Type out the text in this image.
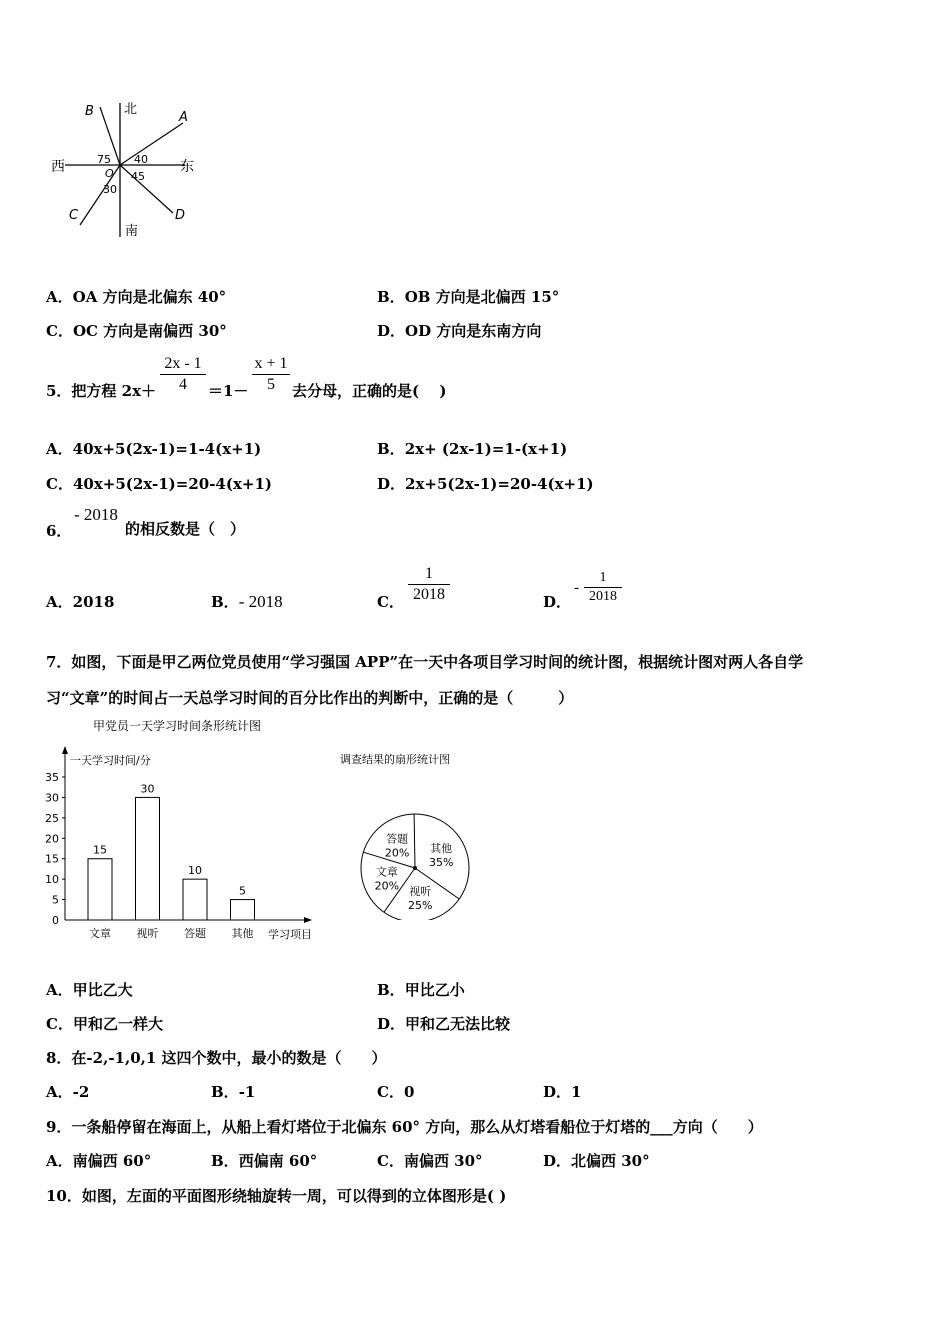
北
南
东
西
A
B
C	D
O
40
75
45
30
A．OA 方向是北偏东 40°	B．OB 方向是北偏西 15°
C．OC 方向是南偏西 30°	D．OD 方向是东南方向
5．把方程 2x＋
2x - 1
4	＝1－
x + 1
5	去分母，正确的是(　 )
A．40x+5(2x-1)=1-4(x+1)	B．2x+ (2x-1)=1-(x+1)
C．40x+5(2x-1)=20-4(x+1)	D．2x+5(2x-1)=20-4(x+1)
6．
- 2018
的相反数是（　）
A．2018	B．- 2018	C．
1
2018	D．
-
1
2018
7．如图，下面是甲乙两位党员使用“学习强国 APP”在一天中各项目学习时间的统计图，根据统计图对两人各自学
习“文章”的时间占一天总学习时间的百分比作出的判断中，正确的是（　　　）
甲党员一天学习时间条形统计图
一天学习时间/分
0
5
10
15
20
25
30
35
15
文章
30
视听
10
答题
5
其他 学习项目
调查结果的扇形统计图
文章
20%
答题
20% 其他
35%
视听
25%
A．甲比乙大	B．甲比乙小
C．甲和乙一样大	D．甲和乙无法比较
8．在-2,-1,0,1 这四个数中，最小的数是（　　）
A．-2	B．-1	C．0	D．1
9．一条船停留在海面上，从船上看灯塔位于北偏东 60° 方向，那么从灯塔看船位于灯塔的___方向（　　）
A．南偏西 60°	B．西偏南 60°	C．南偏西 30°	D．北偏西 30°
10．如图，左面的平面图形绕轴旋转一周，可以得到的立体图形是( )
